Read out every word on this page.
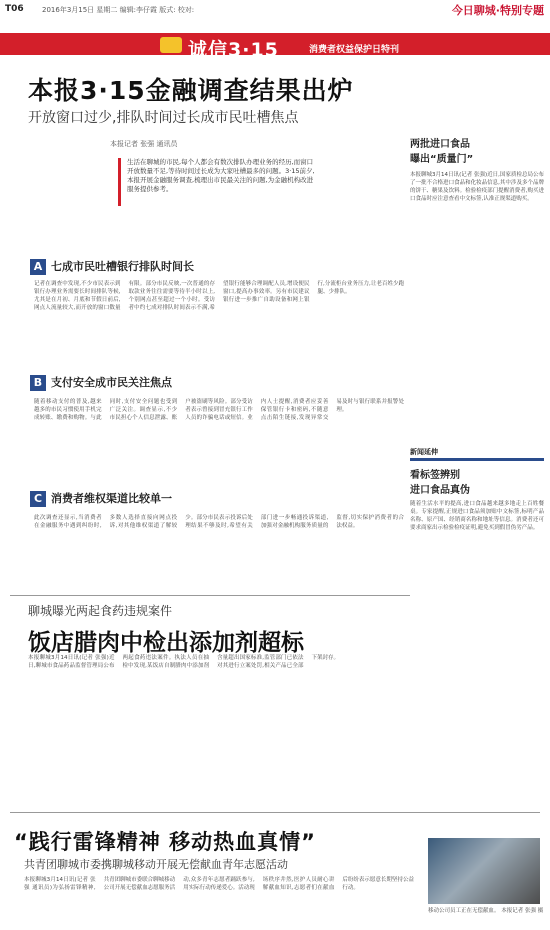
T06	2016年3月15日 星期二 编辑:李仔霞 版式: 校对:	今日聊城·特别专题
诚信3·15	消费者权益保护日特刊
本报3·15金融调查结果出炉
开放窗口过少,排队时间过长成市民吐槽焦点
本报记者 张强 通讯员
生活在聊城的市民,每个人都会有数次排队办理业务的经历,而窗口开放数量不足,等待时间过长成为大家吐槽最多的问题。3·15前夕,本报开展金融服务调查,梳理出市民最关注的问题,为金融机构改进服务提供参考。
A 七成市民吐槽银行排队时间长
记者在调查中发现,不少市民表示到银行办理业务需要长时间排队等候,尤其是在月初、月底和节假日前后,网点人流量较大,而开放的窗口数量有限。部分市民反映,一次普通的存取款业务往往需要等待半小时以上,个别网点甚至超过一个小时。受访者中约七成对排队时间表示不满,希望银行能够合理调配人员,增设便民窗口,提高办事效率。另有市民建议银行进一步推广自助设备和网上银行,分流柜台业务压力,让老百姓少跑腿、少排队。
B 支付安全成市民关注焦点
随着移动支付的普及,越来越多的市民习惯使用手机完成转账、缴费和购物。与此同时,支付安全问题也受到广泛关注。调查显示,不少市民担心个人信息泄露、账户被盗刷等风险。部分受访者表示曾接到冒充银行工作人员的诈骗电话或短信。业内人士提醒,消费者应妥善保管银行卡和密码,不随意点击陌生链接,发现异常交易及时与银行联系并报警处理。
C 消费者维权渠道比较单一
此次调查还显示,当消费者在金融服务中遇到纠纷时,多数人选择直接向网点投诉,对其他维权渠道了解较少。部分市民表示投诉后处理结果不够及时,希望有关部门进一步畅通投诉渠道,加强对金融机构服务质量的监督,切实保护消费者的合法权益。
两批进口食品
曝出“质量门”
本报聊城3月14日讯(记者 张强)近日,国家质检总局公布了一批不合格进口食品和化妆品信息,其中涉及多个品牌的饼干、糖果及饮料。检验检疫部门提醒消费者,购买进口食品时应注意查看中文标签,认准正规渠道购买。
新闻延伸
看标签辨别
进口食品真伪
随着生活水平的提高,进口食品越来越多地走上百姓餐桌。专家提醒,正规进口食品须加贴中文标签,标明产品名称、原产国、经销商名称和地址等信息。消费者还可要求商家出示检验检疫证明,避免买到假冒伪劣产品。
聊城曝光两起食药违规案件
饭店腊肉中检出添加剂超标
本报聊城3月14日讯(记者 张强)近日,聊城市食品药品监督管理局公布两起食药违法案件。执法人员在抽检中发现,某饭店自制腊肉中添加剂含量超出国家标准,监管部门已依法对其进行立案处罚,相关产品已全部下架封存。
“践行雷锋精神 移动热血真情”
共青团聊城市委携聊城移动开展无偿献血青年志愿活动
本报聊城3月14日讯(记者 张强 通讯员)为弘扬雷锋精神,共青团聊城市委联合聊城移动公司开展无偿献血志愿服务活动,众多青年志愿者踊跃参与,用实际行动传递爱心。活动现场秩序井然,医护人员耐心讲解献血知识,志愿者们在献血后纷纷表示愿意长期坚持公益行动。
移动公司员工正在无偿献血。 本报记者 张强 摄
